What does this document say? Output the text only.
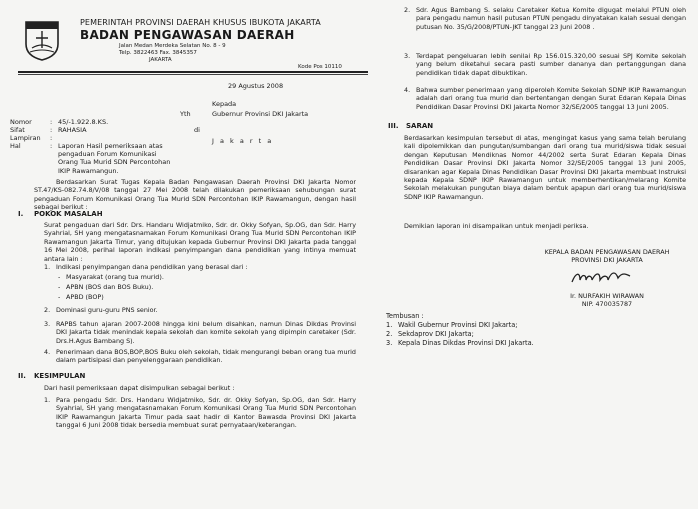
PEMERINTAH PROVINSI DAERAH KHUSUS IBUKOTA JAKARTA
BADAN PENGAWASAN DAERAH
Jalan Medan Merdeka Selatan No. 8 - 9
Telp. 3822463 Fax. 3845357
JAKARTA
Kode Pos 10110
29 Agustus 2008
Nomor	: 45/-1.922.8.KS.
Sifat	: RAHASIA
Lampiran	:
Hal	: Laporan Hasil pemeriksaan atas pengaduan Forum Komunikasi Orang Tua Murid SDN Percontohan IKIP Rawamangun.
Kepada
Yth	Gubernur Provinsi DKI Jakarta
di
J a k a r t a
Berdasarkan Surat Tugas Kepala Badan Pengawasan Daerah Provinsi DKI Jakarta Nomor ST.47/KS-082.74.8/V/08 tanggal 27 Mei 2008 telah dilakukan pemeriksaan sehubungan surat pengaduan Forum Komunikasi Orang Tua Murid SDN Percontohan IKIP Rawamangun, dengan hasil sebagai berikut :
I. POKOK MASALAH
Surat pengaduan dari Sdr. Drs. Handaru Widjatmiko, Sdr. dr. Okky Sofyan, Sp.OG, dan Sdr. Harry Syahrial, SH yang mengatasnamakan Forum Komunikasi Orang Tua Murid SDN Percontohan IKIP Rawamangun Jakarta Timur, yang ditujukan kepada Gubernur Provinsi DKI Jakarta pada tanggal 16 Mei 2008, perihal laporan indikasi penyimpangan dana pendidikan yang intinya memuat antara lain :
1. Indikasi penyimpangan dana pendidikan yang berasal dari :
- Masyarakat (orang tua murid).
- APBN (BOS dan BOS Buku).
- APBD (BOP)
2. Dominasi guru-guru PNS senior.
3. RAPBS tahun ajaran 2007-2008 hingga kini belum disahkan, namun Dinas Dikdas Provinsi DKI Jakarta tidak menindak kepala sekolah dan komite sekolah yang dipimpin caretaker (Sdr. Drs.H.Agus Bambang S).
4. Penerimaan dana BOS,BOP,BOS Buku oleh sekolah, tidak mengurangi beban orang tua murid dalam partisipasi dan penyelenggaraan pendidikan.
II. KESIMPULAN
Dari hasil pemeriksaan dapat disimpulkan sebagai berikut :
1. Para pengadu Sdr. Drs. Handaru Widjatmiko, Sdr. dr. Okky Sofyan, Sp.OG, dan Sdr. Harry Syahrial, SH yang mengatasnamakan Forum Komunikasi Orang Tua Murid SDN Percontohan IKIP Rawamangun Jakarta Timur pada saat hadir di Kantor Bawasda Provinsi DKI Jakarta tanggal 6 Juni 2008 tidak bersedia membuat surat pernyataan/keterangan.
2. Sdr. Agus Bambang S. selaku Caretaker Ketua Komite digugat melalui PTUN oleh para pengadu namun hasil putusan PTUN pengadu dinyatakan kalah sesuai dengan putusan No. 35/G/2008/PTUN-JKT tanggal 23 Juni 2008 .
3. Terdapat pengeluaran lebih senilai Rp 156.015.320,00 sesuai SPJ Komite sekolah yang belum diketahui secara pasti sumber dananya dan pertanggungan dana pendidikan tidak dapat dibuktikan.
4. Bahwa sumber penerimaan yang diperoleh Komite Sekolah SDNP IKIP Rawamangun adalah dari orang tua murid dan bertentangan dengan Surat Edaran Kepala Dinas Pendidikan Dasar Provinsi DKI Jakarta Nomor 32/SE/2005 tanggal 13 Juni 2005.
III. SARAN
Berdasarkan kesimpulan tersebut di atas, mengingat kasus yang sama telah berulang kali dipolemikkan dan pungutan/sumbangan dari orang tua murid/siswa tidak sesuai dengan Keputusan Mendiknas Nomor 44/2002 serta Surat Edaran Kepala Dinas Pendidikan Dasar Provinsi DKI Jakarta Nomor 32/SE/2005 tanggal 13 Juni 2005, disarankan agar Kepala Dinas Pendidikan Dasar Provinsi DKI Jakarta membuat Instruksi kepada Kepala SDNP IKIP Rawamangun untuk memberhentikan/melarang Komite Sekolah melakukan pungutan biaya dalam bentuk apapun dari orang tua murid/siswa SDNP IKIP Rawamangun.
Demikian laporan ini disampaikan untuk menjadi periksa.
KEPALA BADAN PENGAWASAN DAERAH
PROVINSI DKI JAKARTA
Ir. NURFAKIH WIRAWAN
NIP. 470035787
Tembusan :
1. Wakil Gubernur Provinsi DKI Jakarta;
2. Sekdaprov DKI Jakarta;
3. Kepala Dinas Dikdas Provinsi DKI Jakarta.
